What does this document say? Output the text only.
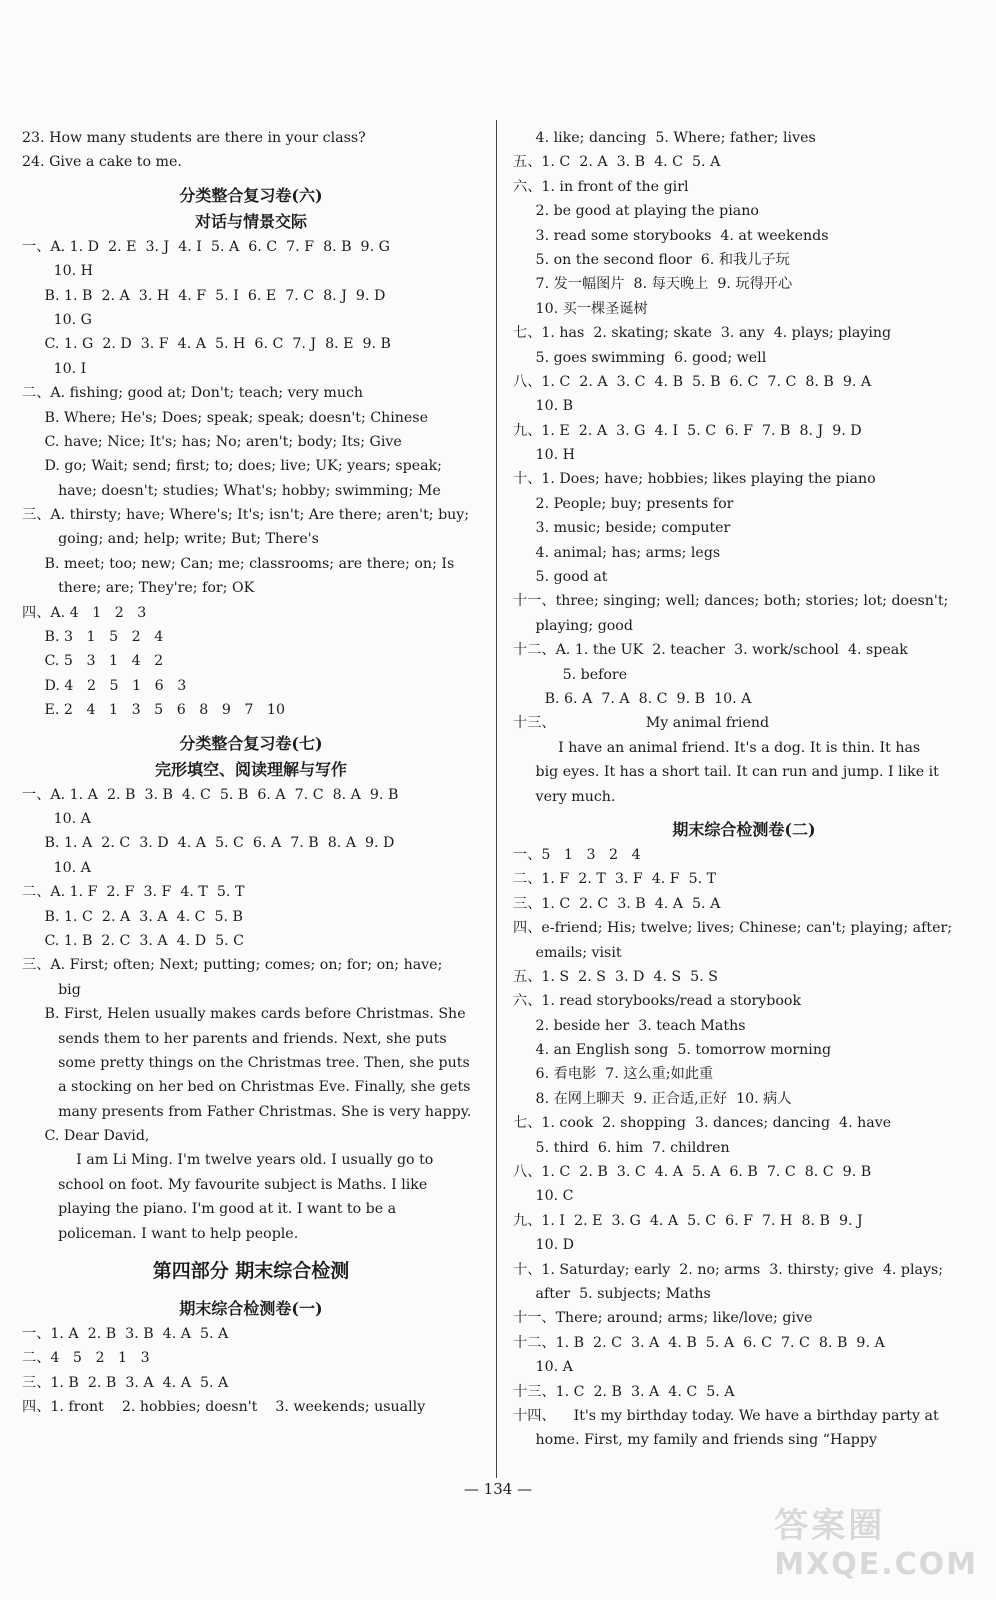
23. How many students are there in your class?
24. Give a cake to me.
分类整合复习卷(六)
对话与情景交际
一、A. 1. D  2. E  3. J  4. I  5. A  6. C  7. F  8. B  9. G
10. H
B. 1. B  2. A  3. H  4. F  5. I  6. E  7. C  8. J  9. D
10. G
C. 1. G  2. D  3. F  4. A  5. H  6. C  7. J  8. E  9. B
10. I
二、A. fishing; good at; Don't; teach; very much
B. Where; He's; Does; speak; speak; doesn't; Chinese
C. have; Nice; It's; has; No; aren't; body; Its; Give
D. go; Wait; send; first; to; does; live; UK; years; speak;
have; doesn't; studies; What's; hobby; swimming; Me
三、A. thirsty; have; Where's; It's; isn't; Are there; aren't; buy;
going; and; help; write; But; There's
B. meet; too; new; Can; me; classrooms; are there; on; Is
there; are; They're; for; OK
四、A. 4   1   2   3
B. 3   1   5   2   4
C. 5   3   1   4   2
D. 4   2   5   1   6   3
E. 2   4   1   3   5   6   8   9   7   10
分类整合复习卷(七)
完形填空、阅读理解与写作
一、A. 1. A  2. B  3. B  4. C  5. B  6. A  7. C  8. A  9. B
10. A
B. 1. A  2. C  3. D  4. A  5. C  6. A  7. B  8. A  9. D
10. A
二、A. 1. F  2. F  3. F  4. T  5. T
B. 1. C  2. A  3. A  4. C  5. B
C. 1. B  2. C  3. A  4. D  5. C
三、A. First; often; Next; putting; comes; on; for; on; have;
big
B. First, Helen usually makes cards before Christmas. She
sends them to her parents and friends. Next, she puts
some pretty things on the Christmas tree. Then, she puts
a stocking on her bed on Christmas Eve. Finally, she gets
many presents from Father Christmas. She is very happy.
C. Dear David,
I am Li Ming. I'm twelve years old. I usually go to
school on foot. My favourite subject is Maths. I like
playing the piano. I'm good at it. I want to be a
policeman. I want to help people.
第四部分 期末综合检测
期末综合检测卷(一)
一、1. A  2. B  3. B  4. A  5. A
二、4   5   2   1   3
三、1. B  2. B  3. A  4. A  5. A
四、1. front    2. hobbies; doesn't    3. weekends; usually
4. like; dancing  5. Where; father; lives
五、1. C  2. A  3. B  4. C  5. A
六、1. in front of the girl
2. be good at playing the piano
3. read some storybooks  4. at weekends
5. on the second floor  6. 和我儿子玩
7. 发一幅图片  8. 每天晚上  9. 玩得开心
10. 买一棵圣诞树
七、1. has  2. skating; skate  3. any  4. plays; playing
5. goes swimming  6. good; well
八、1. C  2. A  3. C  4. B  5. B  6. C  7. C  8. B  9. A
10. B
九、1. E  2. A  3. G  4. I  5. C  6. F  7. B  8. J  9. D
10. H
十、1. Does; have; hobbies; likes playing the piano
2. People; buy; presents for
3. music; beside; computer
4. animal; has; arms; legs
5. good at
十一、three; singing; well; dances; both; stories; lot; doesn't;
playing; good
十二、A. 1. the UK  2. teacher  3. work/school  4. speak
5. before
B. 6. A  7. A  8. C  9. B  10. A
十三、                    My animal friend
I have an animal friend. It's a dog. It is thin. It has
big eyes. It has a short tail. It can run and jump. I like it
very much.
期末综合检测卷(二)
一、5   1   3   2   4
二、1. F  2. T  3. F  4. F  5. T
三、1. C  2. C  3. B  4. A  5. A
四、e-friend; His; twelve; lives; Chinese; can't; playing; after;
emails; visit
五、1. S  2. S  3. D  4. S  5. S
六、1. read storybooks/read a storybook
2. beside her  3. teach Maths
4. an English song  5. tomorrow morning
6. 看电影  7. 这么重;如此重
8. 在网上聊天  9. 正合适,正好  10. 病人
七、1. cook  2. shopping  3. dances; dancing  4. have
5. third  6. him  7. children
八、1. C  2. B  3. C  4. A  5. A  6. B  7. C  8. C  9. B
10. C
九、1. I  2. E  3. G  4. A  5. C  6. F  7. H  8. B  9. J
10. D
十、1. Saturday; early  2. no; arms  3. thirsty; give  4. plays;
after  5. subjects; Maths
十一、There; around; arms; like/love; give
十二、1. B  2. C  3. A  4. B  5. A  6. C  7. C  8. B  9. A
10. A
十三、1. C  2. B  3. A  4. C  5. A
十四、    It's my birthday today. We have a birthday party at
home. First, my family and friends sing “Happy
— 134 —
答案圈
MXQE.COM
